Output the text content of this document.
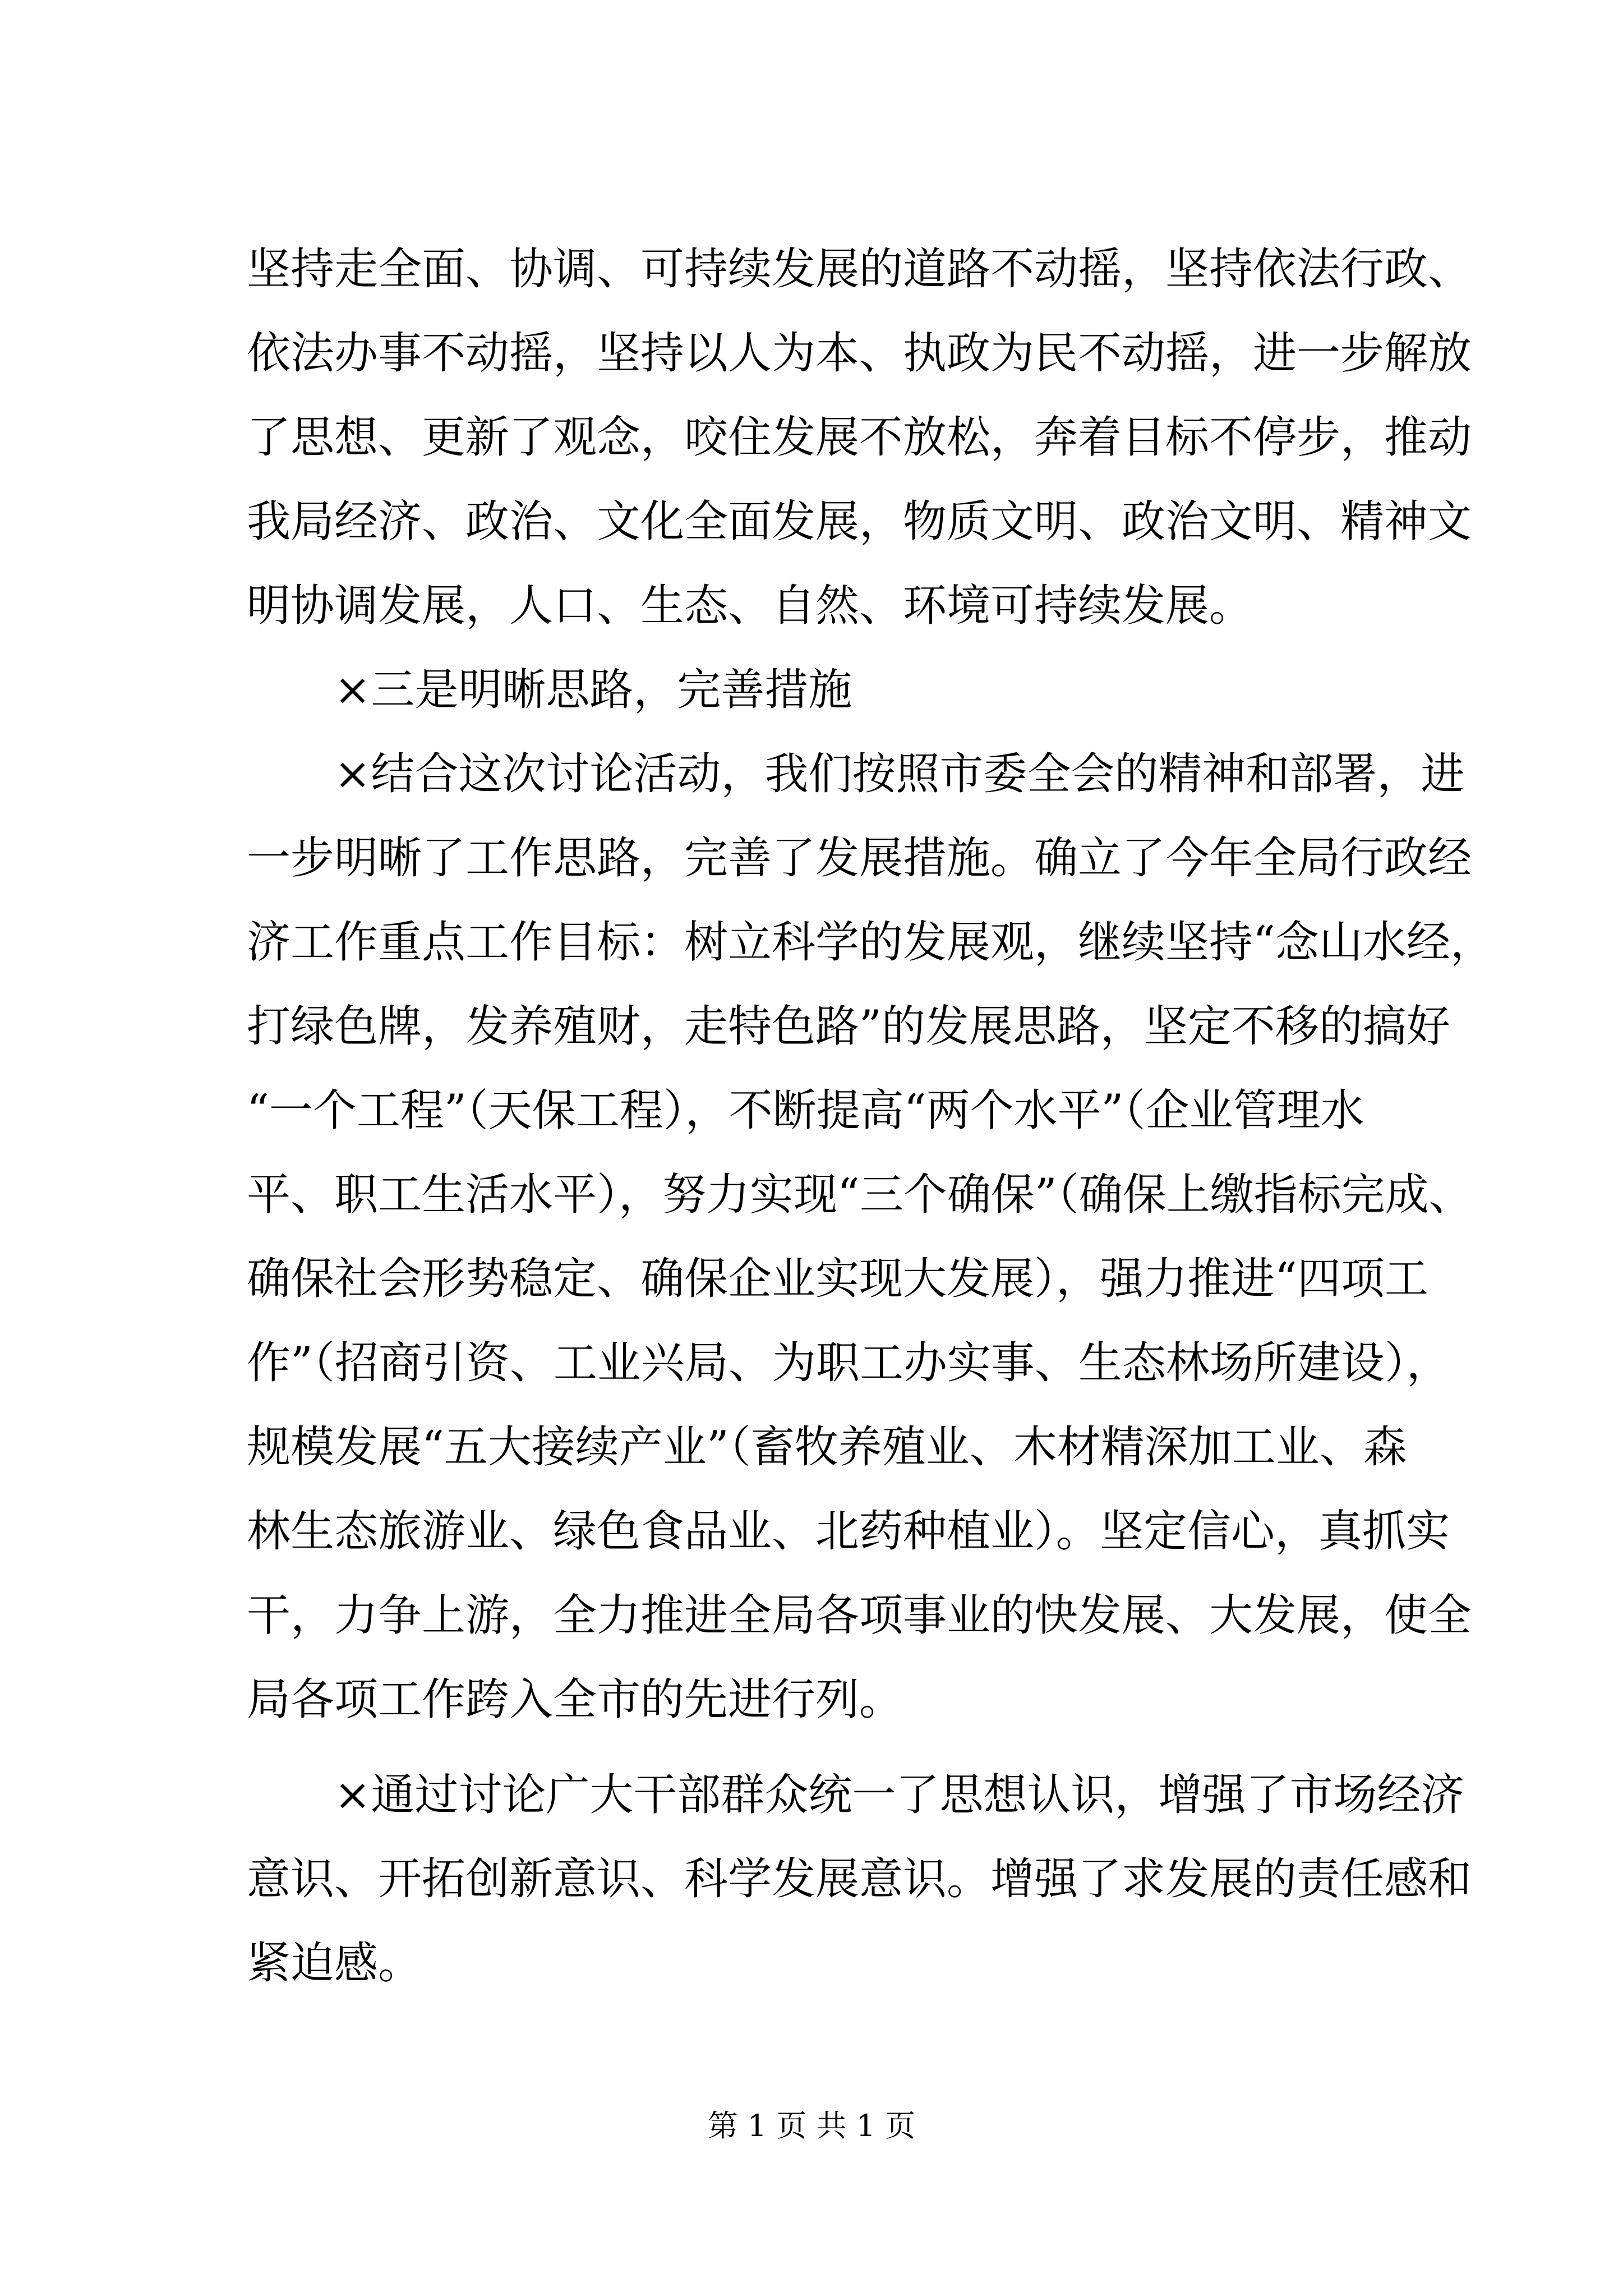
坚持走全面、协调、可持续发展的道路不动摇，坚持依法行政、
依法办事不动摇，坚持以人为本、执政为民不动摇，进一步解放
了思想、更新了观念，咬住发展不放松，奔着目标不停步，推动
我局经济、政治、文化全面发展，物质文明、政治文明、精神文
明协调发展，人口、生态、自然、环境可持续发展。
×三是明晰思路，完善措施
×结合这次讨论活动，我们按照市委全会的精神和部署，进
一步明晰了工作思路，完善了发展措施。确立了今年全局行政经
济工作重点工作目标：树立科学的发展观，继续坚持“念山水经，
打绿色牌，发养殖财，走特色路”的发展思路，坚定不移的搞好
“一个工程”（天保工程），不断提高“两个水平”（企业管理水
平、职工生活水平），努力实现“三个确保”（确保上缴指标完成、
确保社会形势稳定、确保企业实现大发展），强力推进“四项工
作”（招商引资、工业兴局、为职工办实事、生态林场所建设），
规模发展“五大接续产业”（畜牧养殖业、木材精深加工业、森
林生态旅游业、绿色食品业、北药种植业）。坚定信心，真抓实
干，力争上游，全力推进全局各项事业的快发展、大发展，使全
局各项工作跨入全市的先进行列。
×通过讨论广大干部群众统一了思想认识，增强了市场经济
意识、开拓创新意识、科学发展意识。增强了求发展的责任感和
紧迫感。
第 1 页 共 1 页
